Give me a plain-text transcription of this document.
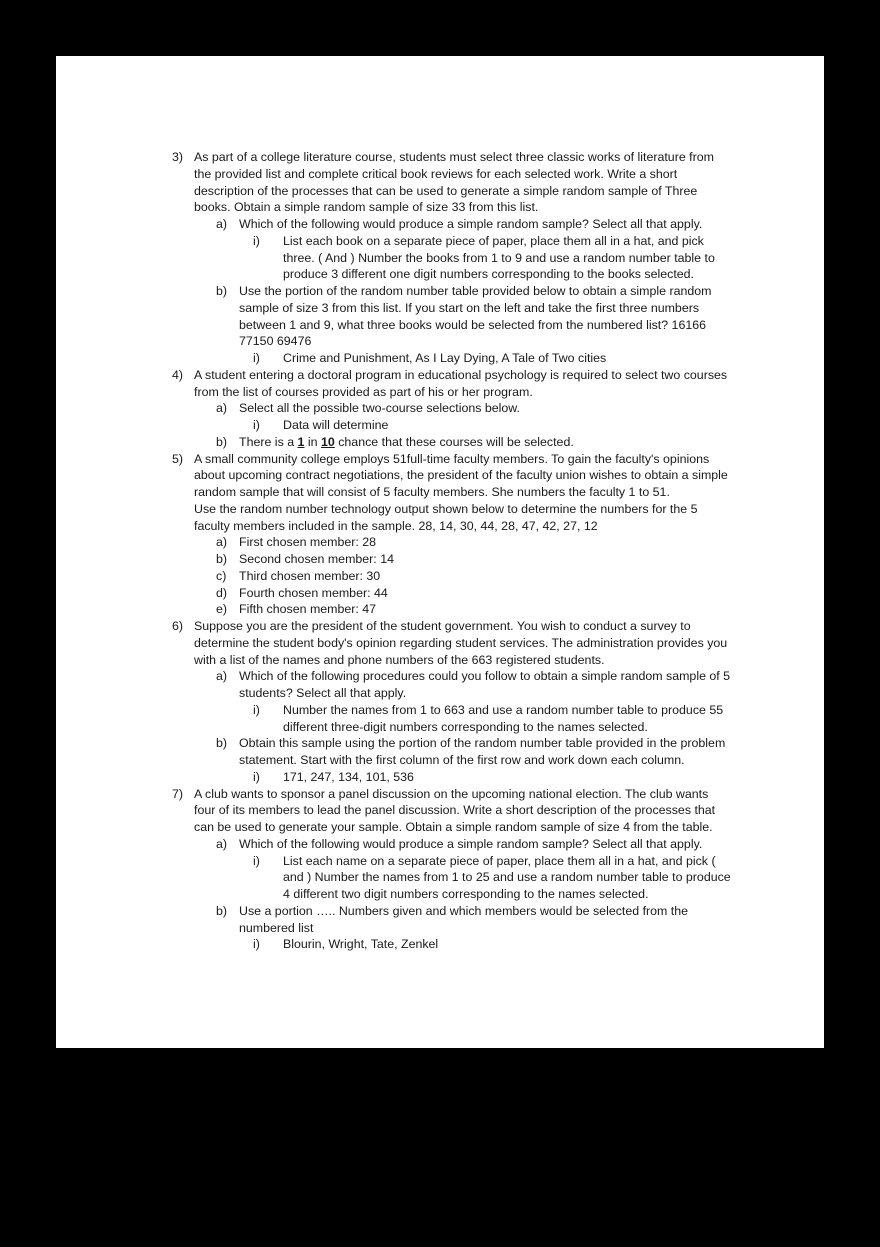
3) As part of a college literature course, students must select three classic works of literature from the provided list and complete critical book reviews for each selected work. Write a short description of the processes that can be used to generate a simple random sample of Three books. Obtain a simple random sample of size 33 from this list.
a) Which of the following would produce a simple random sample? Select all that apply.
i) List each book on a separate piece of paper, place them all in a hat, and pick three. ( And ) Number the books from 1 to 9 and use a random number table to produce 3 different one digit numbers corresponding to the books selected.
b) Use the portion of the random number table provided below to obtain a simple random sample of size 3 from this list. If you start on the left and take the first three numbers between 1 and 9, what three books would be selected from the numbered list? 16166 77150 69476
i) Crime and Punishment, As I Lay Dying, A Tale of Two cities
4) A student entering a doctoral program in educational psychology is required to select two courses from the list of courses provided as part of his or her program.
a) Select all the possible two-course selections below.
i) Data will determine
b) There is a 1 in 10 chance that these courses will be selected.
5) A small community college employs 51full-time faculty members. To gain the faculty's opinions about upcoming contract negotiations, the president of the faculty union wishes to obtain a simple random sample that will consist of 5 faculty members. She numbers the faculty 1 to 51.
Use the random number technology output shown below to determine the numbers for the 5 faculty members included in the sample. 28, 14, 30, 44, 28, 47, 42, 27, 12
a) First chosen member: 28
b) Second chosen member: 14
c) Third chosen member: 30
d) Fourth chosen member: 44
e) Fifth chosen member: 47
6) Suppose you are the president of the student government. You wish to conduct a survey to determine the student body's opinion regarding student services. The administration provides you with a list of the names and phone numbers of the 663 registered students.
a) Which of the following procedures could you follow to obtain a simple random sample of 5 students? Select all that apply.
i) Number the names from 1 to 663 and use a random number table to produce 55 different three-digit numbers corresponding to the names selected.
b) Obtain this sample using the portion of the random number table provided in the problem statement. Start with the first column of the first row and work down each column.
i) 171, 247, 134, 101, 536
7) A club wants to sponsor a panel discussion on the upcoming national election. The club wants four of its members to lead the panel discussion. Write a short description of the processes that can be used to generate your sample. Obtain a simple random sample of size 4 from the table.
a) Which of the following would produce a simple random sample? Select all that apply.
i) List each name on a separate piece of paper, place them all in a hat, and pick ( and ) Number the names from 1 to 25 and use a random number table to produce 4 different two digit numbers corresponding to the names selected.
b) Use a portion ….. Numbers given and which members would be selected from the numbered list
i) Blourin, Wright, Tate, Zenkel
